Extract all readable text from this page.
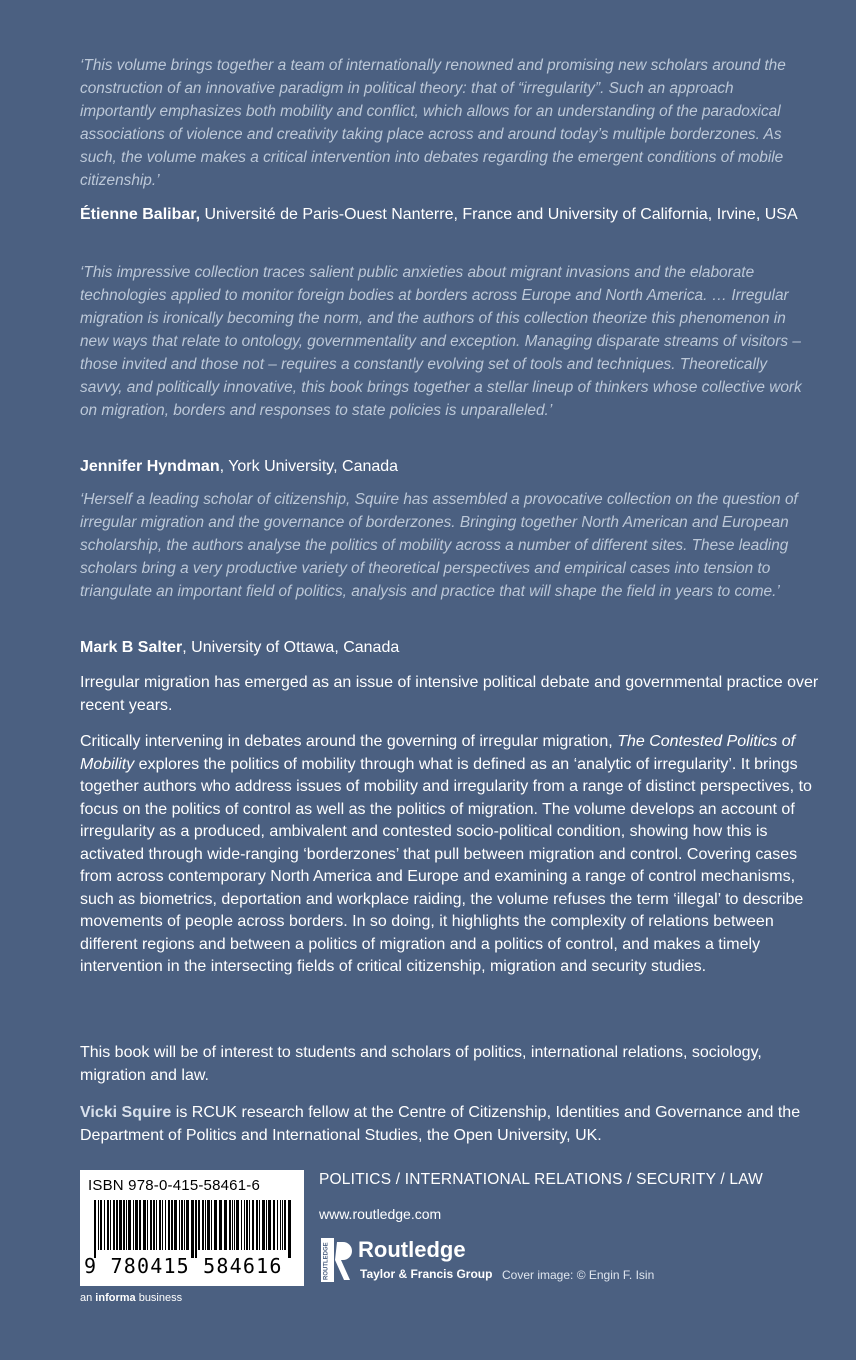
‘This volume brings together a team of internationally renowned and promising new scholars around the construction of an innovative paradigm in political theory: that of “irregularity”. Such an approach importantly emphasizes both mobility and conflict, which allows for an understanding of the paradoxical associations of violence and creativity taking place across and around today’s multiple borderzones. As such, the volume makes a critical intervention into debates regarding the emergent conditions of mobile citizenship.’

Étienne Balibar, Université de Paris-Ouest Nanterre, France and University of California, Irvine, USA

‘This impressive collection traces salient public anxieties about migrant invasions and the elaborate technologies applied to monitor foreign bodies at borders across Europe and North America. … Irregular migration is ironically becoming the norm, and the authors of this collection theorize this phenomenon in new ways that relate to ontology, governmentality and exception. Managing disparate streams of visitors – those invited and those not – requires a constantly evolving set of tools and techniques. Theoretically savvy, and politically innovative, this book brings together a stellar lineup of thinkers whose collective work on migration, borders and responses to state policies is unparalleled.’

Jennifer Hyndman, York University, Canada

‘Herself a leading scholar of citizenship, Squire has assembled a provocative collection on the question of irregular migration and the governance of borderzones. Bringing together North American and European scholarship, the authors analyse the politics of mobility across a number of different sites. These leading scholars bring a very productive variety of theoretical perspectives and empirical cases into tension to triangulate an important field of politics, analysis and practice that will shape the field in years to come.’

Mark B Salter, University of Ottawa, Canada

Irregular migration has emerged as an issue of intensive political debate and governmental practice over recent years.

Critically intervening in debates around the governing of irregular migration, The Contested Politics of Mobility explores the politics of mobility through what is defined as an ‘analytic of irregularity’. It brings together authors who address issues of mobility and irregularity from a range of distinct perspectives, to focus on the politics of control as well as the politics of migration. The volume develops an account of irregularity as a produced, ambivalent and contested socio-political condition, showing how this is activated through wide-ranging ‘borderzones’ that pull between migration and control. Covering cases from across contemporary North America and Europe and examining a range of control mechanisms, such as biometrics, deportation and workplace raiding, the volume refuses the term ‘illegal’ to describe movements of people across borders. In so doing, it highlights the complexity of relations between different regions and between a politics of migration and a politics of control, and makes a timely intervention in the intersecting fields of critical citizenship, migration and security studies.

This book will be of interest to students and scholars of politics, international relations, sociology, migration and law.

Vicki Squire is RCUK research fellow at the Centre of Citizenship, Identities and Governance and the Department of Politics and International Studies, the Open University, UK.

ISBN 978-0-415-58461-6
9 780415 584616
an informa business
POLITICS / INTERNATIONAL RELATIONS / SECURITY / LAW
www.routledge.com
ROUTLEDGE Routledge
Taylor & Francis Group Cover image: © Engin F. Isin
